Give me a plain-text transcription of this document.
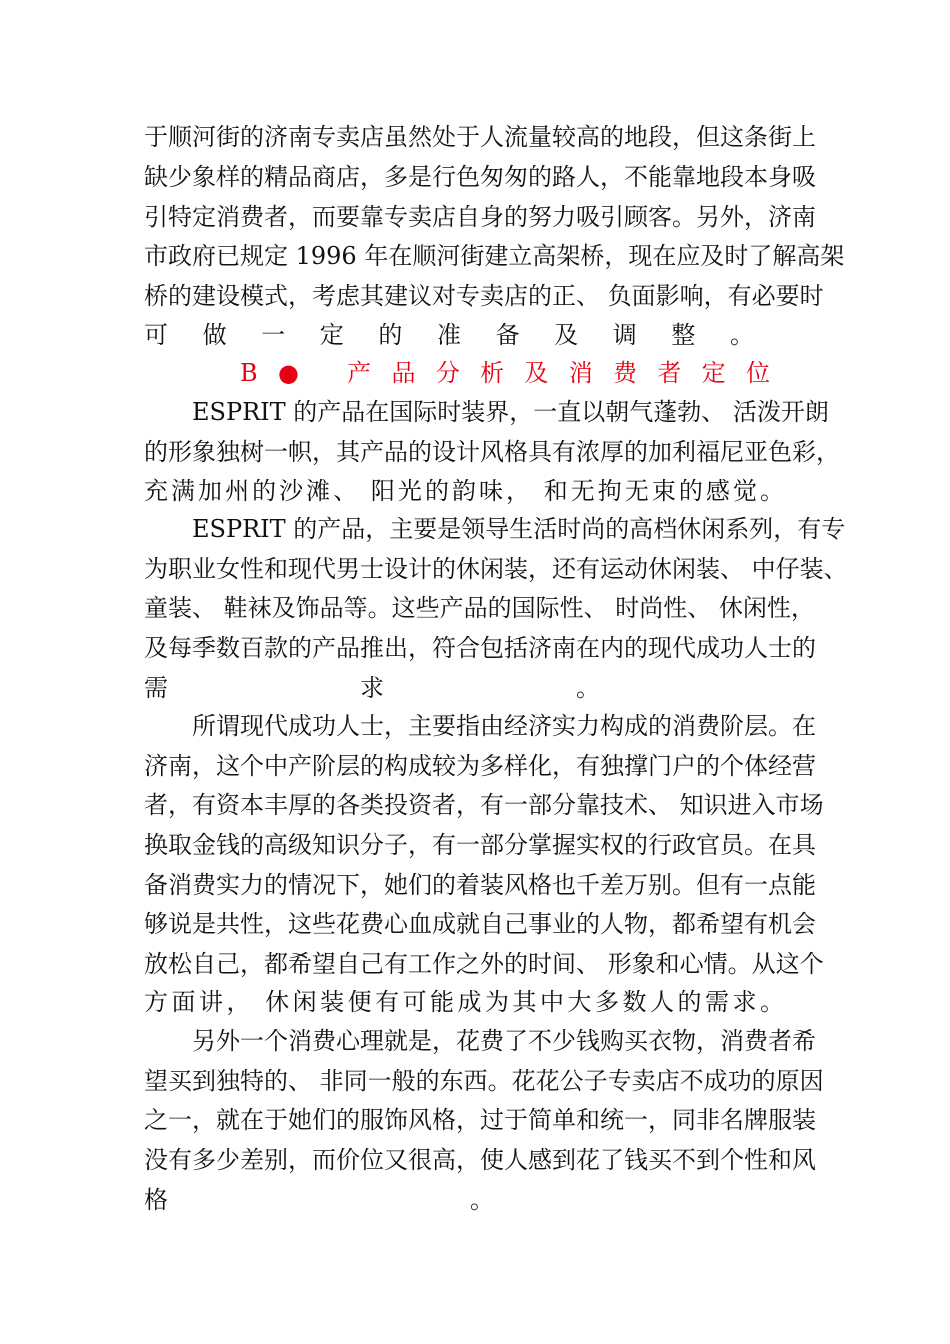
于顺河街的济南专卖店虽然处于人流量较高的地段，但这条街上
缺少象样的精品商店，多是行色匆匆的路人，不能靠地段本身吸
引特定消费者，而要靠专卖店自身的努力吸引顾客。另外，济南
市政府已规定 1996 年在顺河街建立高架桥，现在应及时了解高架
桥的建设模式，考虑其建议对专卖店的正、 负面影响，有必要时
可做一定的准备及调整。
B● 产品分析及消费者定位
ESPRIT 的产品在国际时装界，一直以朝气蓬勃、 活泼开朗
的形象独树一帜，其产品的设计风格具有浓厚的加利福尼亚色彩，
充满加州的沙滩、 阳光的韵味， 和无拘无束的感觉。
ESPRIT 的产品，主要是领导生活时尚的高档休闲系列，有专
为职业女性和现代男士设计的休闲装，还有运动休闲装、 中仔装、
童装、 鞋袜及饰品等。这些产品的国际性、 时尚性、 休闲性，
及每季数百款的产品推出，符合包括济南在内的现代成功人士的
需	求	。
所谓现代成功人士，主要指由经济实力构成的消费阶层。在
济南，这个中产阶层的构成较为多样化，有独撑门户的个体经营
者，有资本丰厚的各类投资者，有一部分靠技术、 知识进入市场
换取金钱的高级知识分子，有一部分掌握实权的行政官员。在具
备消费实力的情况下，她们的着装风格也千差万别。但有一点能
够说是共性，这些花费心血成就自己事业的人物，都希望有机会
放松自己，都希望自己有工作之外的时间、 形象和心情。从这个
方面讲， 休闲装便有可能成为其中大多数人的需求。
另外一个消费心理就是，花费了不少钱购买衣物，消费者希
望买到独特的、 非同一般的东西。花花公子专卖店不成功的原因
之一，就在于她们的服饰风格，过于简单和统一，同非名牌服装
没有多少差别，而价位又很高，使人感到花了钱买不到个性和风
格	。
